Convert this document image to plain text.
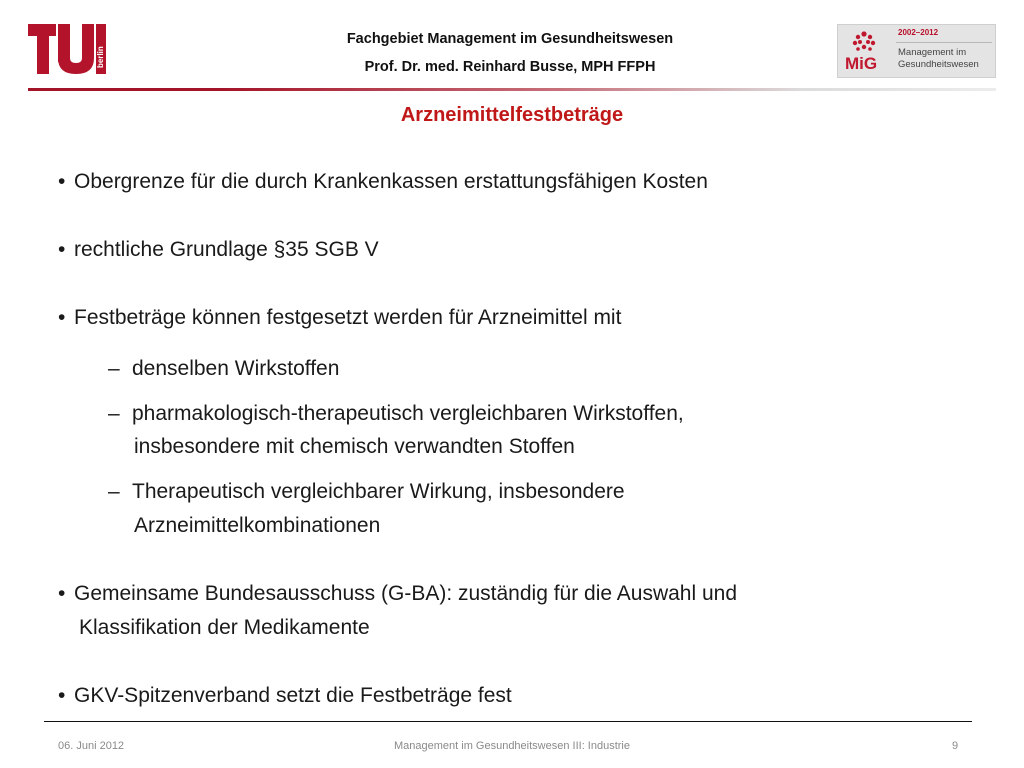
berlin
Fachgebiet Management im Gesundheitswesen
Prof. Dr. med. Reinhard Busse, MPH FFPH	MiG
2002–2012
Management im
Gesundheitswesen
Arzneimittelfestbeträge
• Obergrenze für die durch Krankenkassen erstattungsfähigen Kosten
• rechtliche Grundlage §35 SGB V
• Festbeträge können festgesetzt werden für Arzneimittel mit
– denselben Wirkstoffen
– pharmakologisch-therapeutisch vergleichbaren Wirkstoffen,
insbesondere mit chemisch verwandten Stoffen
– Therapeutisch vergleichbarer Wirkung, insbesondere
Arzneimittelkombinationen
• Gemeinsame Bundesausschuss (G-BA): zuständig für die Auswahl und
Klassifikation der Medikamente
• GKV-Spitzenverband setzt die Festbeträge fest
06. Juni 2012	Management im Gesundheitswesen III: Industrie	9
